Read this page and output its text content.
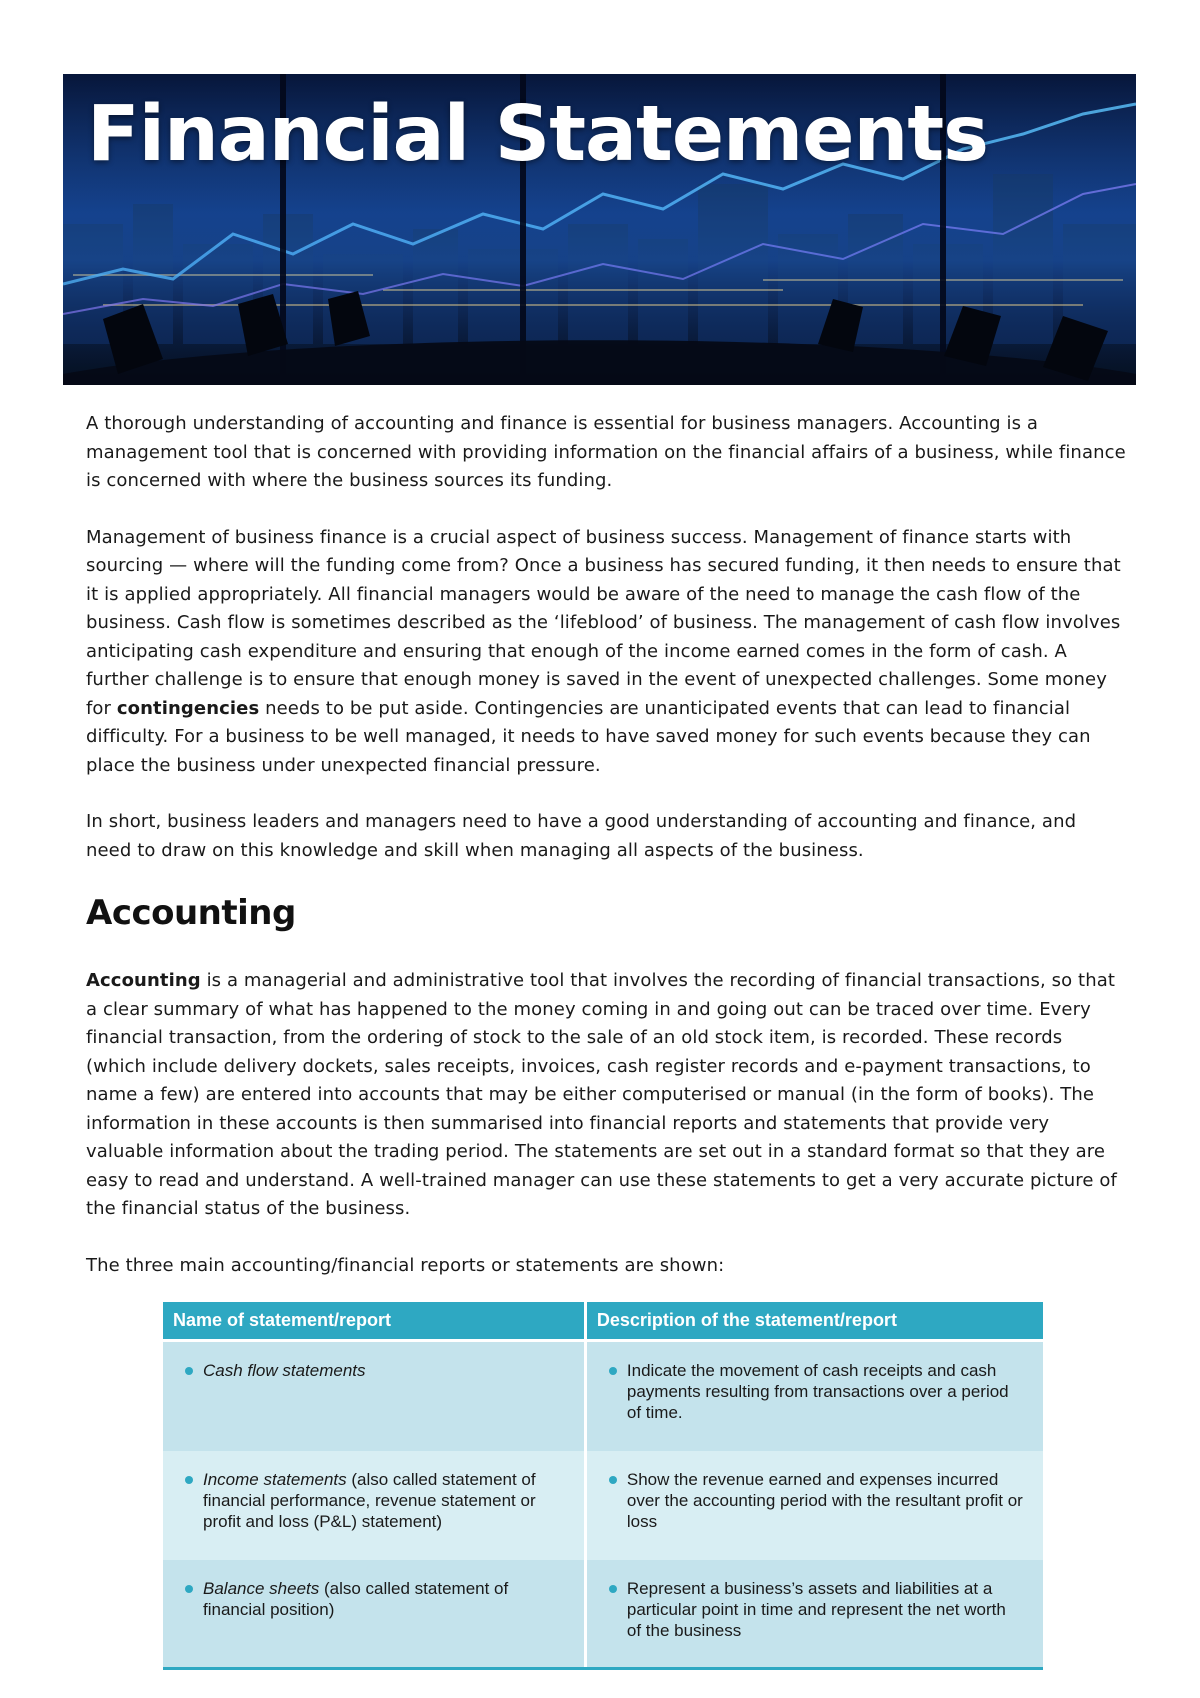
Financial Statements

A thorough understanding of accounting and finance is essential for business managers. Accounting is a management tool that is concerned with providing information on the financial affairs of a business, while finance is concerned with where the business sources its funding.

Management of business finance is a crucial aspect of business success. Management of finance starts with sourcing — where will the funding come from? Once a business has secured funding, it then needs to ensure that it is applied appropriately. All financial managers would be aware of the need to manage the cash flow of the business. Cash flow is sometimes described as the ‘lifeblood’ of business. The management of cash flow involves anticipating cash expenditure and ensuring that enough of the income earned comes in the form of cash. A further challenge is to ensure that enough money is saved in the event of unexpected challenges. Some money for contingencies needs to be put aside. Contingencies are unanticipated events that can lead to financial difficulty. For a business to be well managed, it needs to have saved money for such events because they can place the business under unexpected financial pressure.

In short, business leaders and managers need to have a good understanding of accounting and finance, and need to draw on this knowledge and skill when managing all aspects of the business.

Accounting

Accounting is a managerial and administrative tool that involves the recording of financial transactions, so that a clear summary of what has happened to the money coming in and going out can be traced over time. Every financial transaction, from the ordering of stock to the sale of an old stock item, is recorded. These records (which include delivery dockets, sales receipts, invoices, cash register records and e-payment transactions, to name a few) are entered into accounts that may be either computerised or manual (in the form of books). The information in these accounts is then summarised into financial reports and statements that provide very valuable information about the trading period. The statements are set out in a standard format so that they are easy to read and understand. A well-trained manager can use these statements to get a very accurate picture of the financial status of the business.

The three main accounting/financial reports or statements are shown:

Name of statement/report	Description of the statement/report

Cash flow statements	Indicate the movement of cash receipts and cash payments resulting from transactions over a period of time.

Income statements (also called statement of financial performance, revenue statement or profit and loss (P&L) statement)	Show the revenue earned and expenses incurred over the accounting period with the resultant profit or loss

Balance sheets (also called statement of financial position)	Represent a business’s assets and liabilities at a particular point in time and represent the net worth of the business
